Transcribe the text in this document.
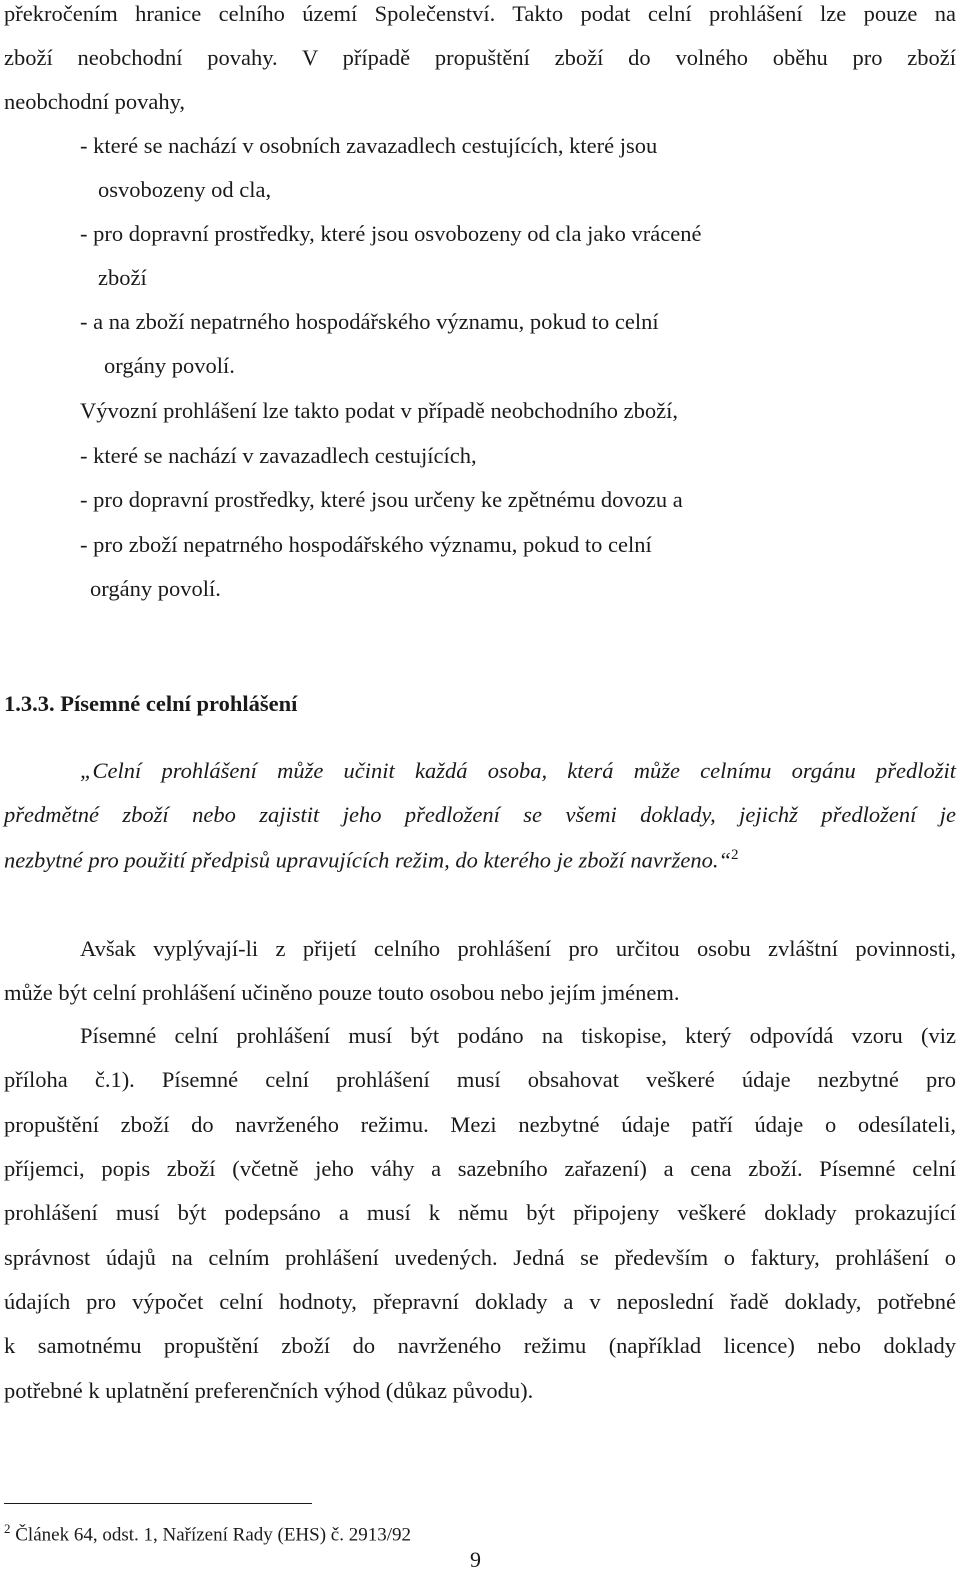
překročením hranice celního území Společenství. Takto podat celní prohlášení lze pouze na
zboží neobchodní povahy. V případě propuštění zboží do volného oběhu pro zboží
neobchodní povahy,
- které se nachází v osobních zavazadlech cestujících, které jsou
osvobozeny od cla,
- pro dopravní prostředky, které jsou osvobozeny od cla jako vrácené
zboží
- a na zboží nepatrného hospodářského významu, pokud to celní
orgány povolí.
Vývozní prohlášení lze takto podat v případě neobchodního zboží,
- které se nachází v zavazadlech cestujících,
- pro dopravní prostředky, které jsou určeny ke zpětnému dovozu a
- pro zboží nepatrného hospodářského významu, pokud to celní
orgány povolí.
1.3.3. Písemné celní prohlášení
„Celní prohlášení může učinit každá osoba, která může celnímu orgánu předložit
předmětné zboží nebo zajistit jeho předložení se všemi doklady, jejichž předložení je
nezbytné pro použití předpisů upravujících režim, do kterého je zboží navrženo.“$^2$
Avšak vyplývají-li z přijetí celního prohlášení pro určitou osobu zvláštní povinnosti,
může být celní prohlášení učiněno pouze touto osobou nebo jejím jménem.
Písemné celní prohlášení musí být podáno na tiskopise, který odpovídá vzoru (viz
příloha č.1). Písemné celní prohlášení musí obsahovat veškeré údaje nezbytné pro
propuštění zboží do navrženého režimu. Mezi nezbytné údaje patří údaje o odesílateli,
příjemci, popis zboží (včetně jeho váhy a sazebního zařazení) a cena zboží. Písemné celní
prohlášení musí být podepsáno a musí k němu být připojeny veškeré doklady prokazující
správnost údajů na celním prohlášení uvedených. Jedná se především o faktury, prohlášení o
údajích pro výpočet celní hodnoty, přepravní doklady a v neposlední řadě doklady, potřebné
k samotnému propuštění zboží do navrženého režimu (například licence) nebo doklady
potřebné k uplatnění preferenčních výhod (důkaz původu).
$^2$ Článek 64, odst. 1, Nařízení Rady (EHS) č. 2913/92
9
